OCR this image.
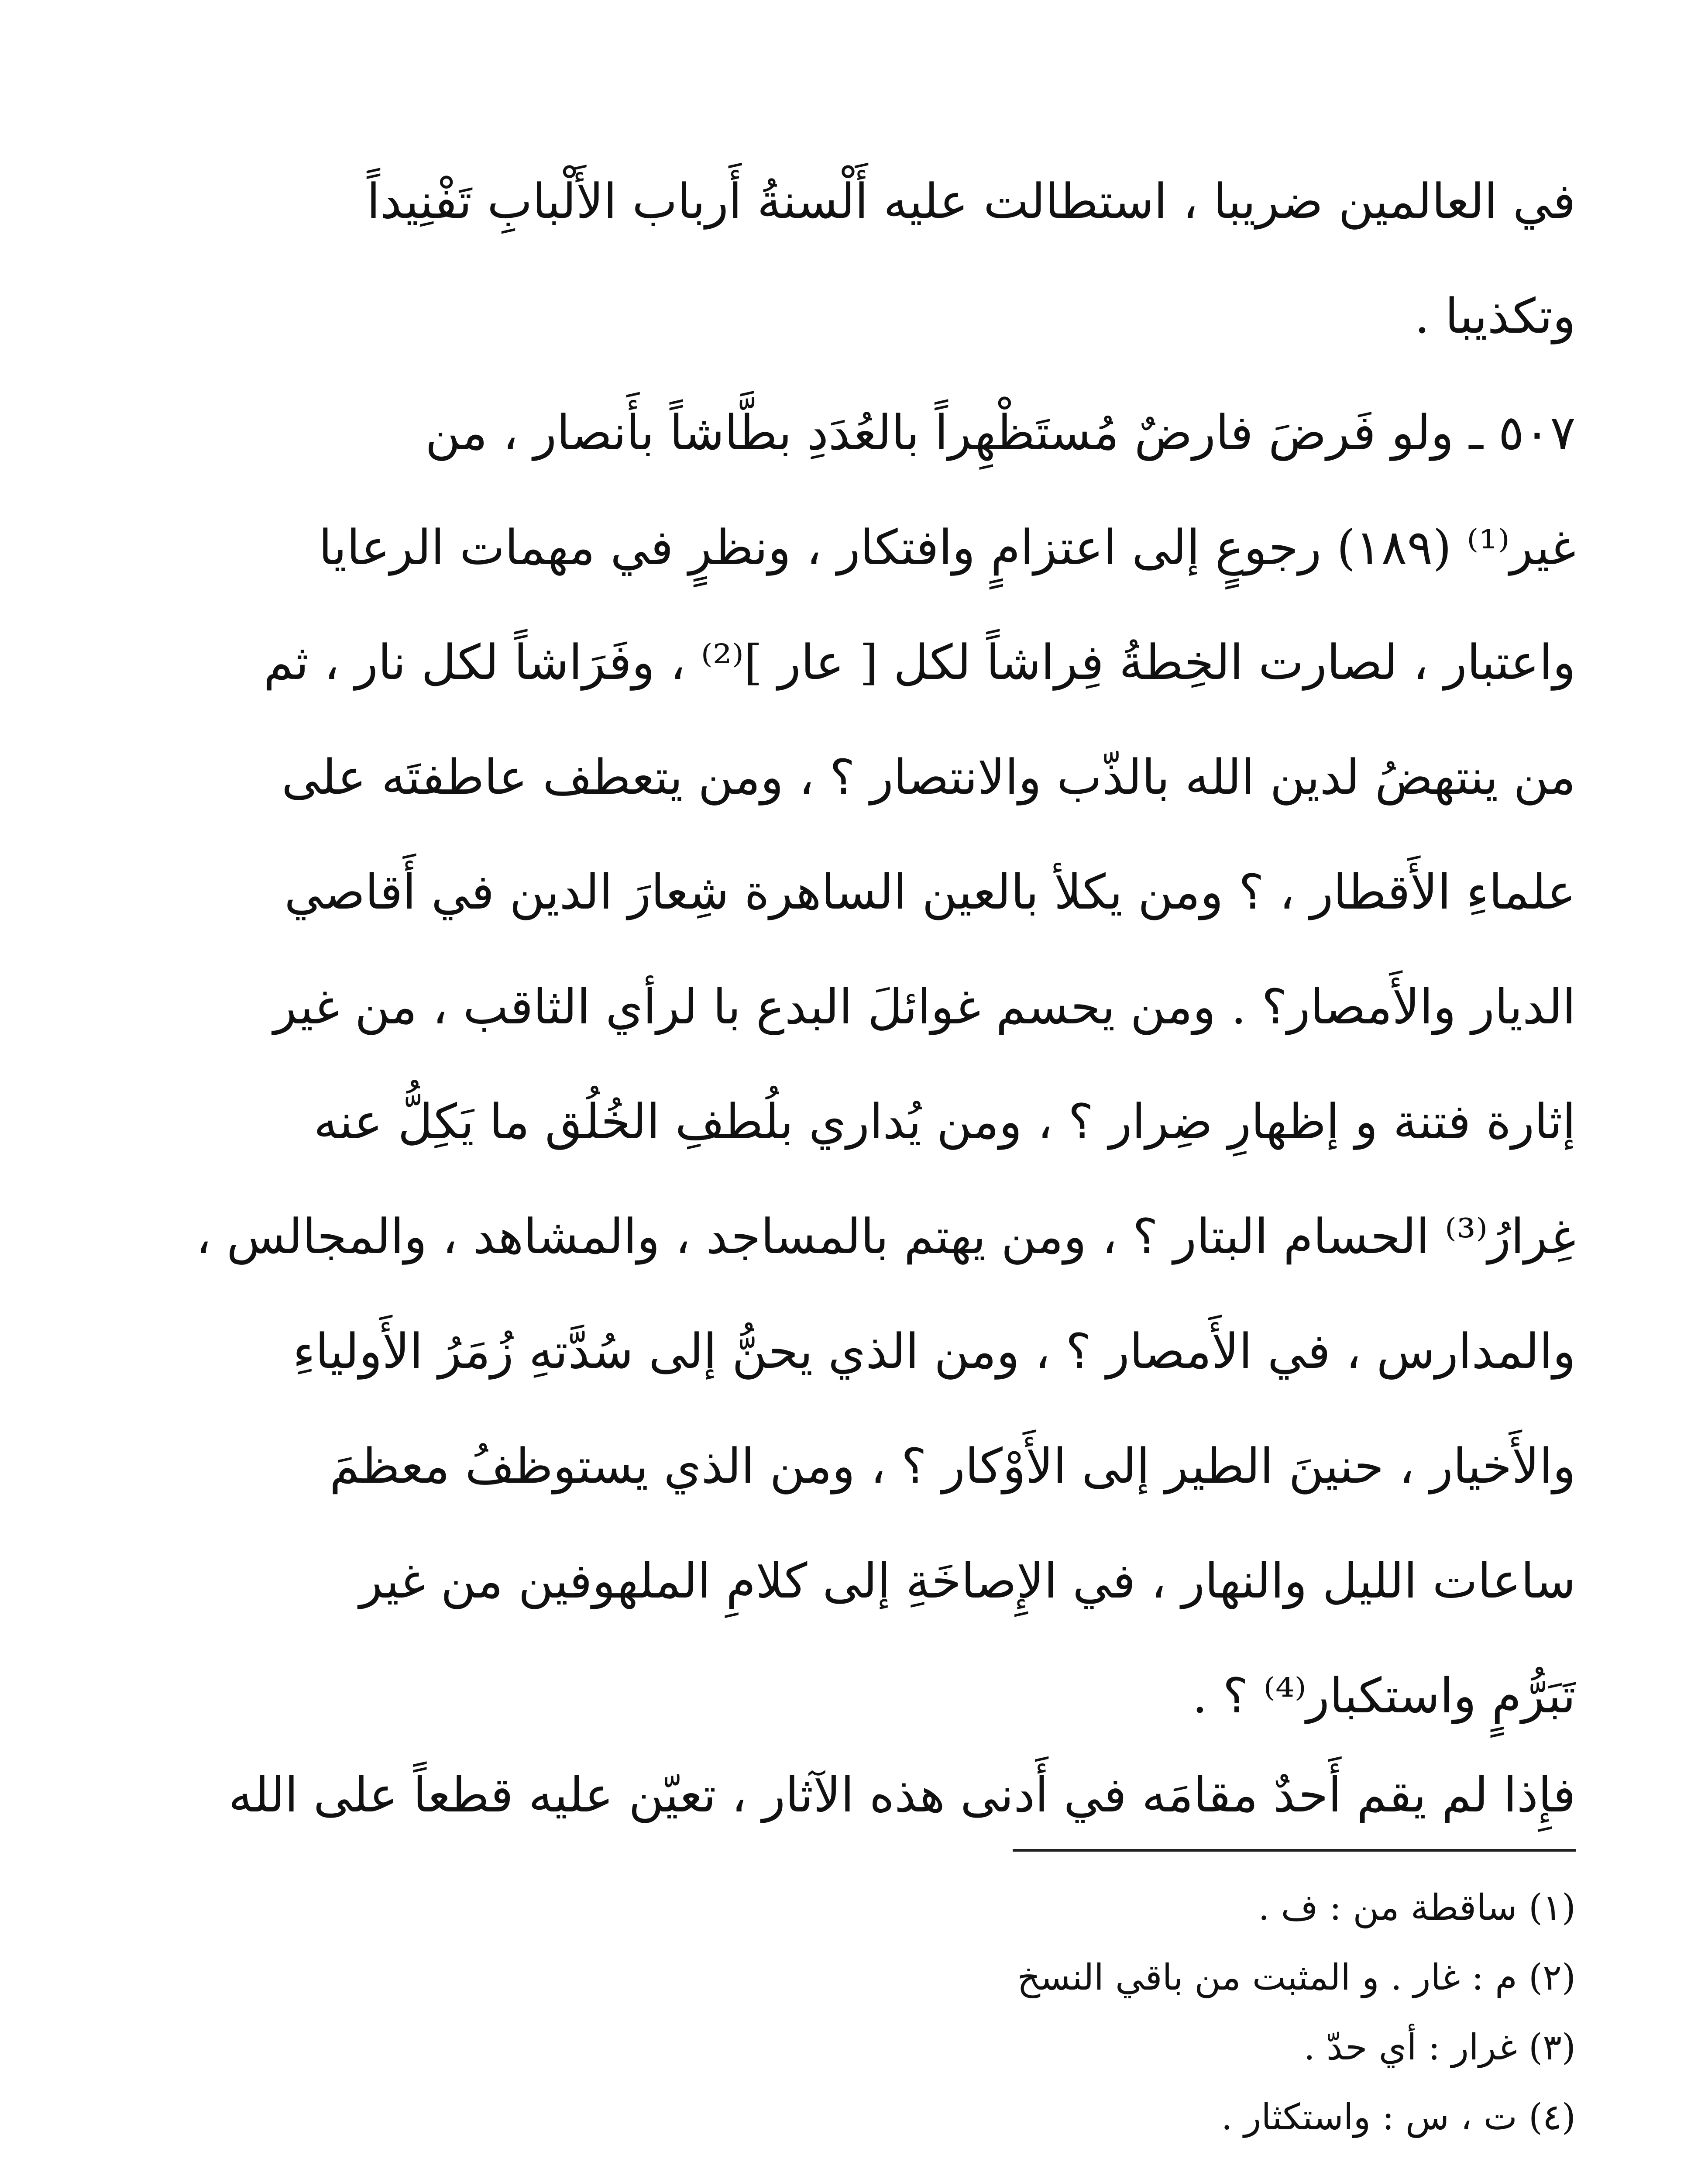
في العالمين ضريبا ، استطالت عليه أَلْسنةُ أَرباب الأَلْبابِ تَفْنِيداً
وتكذيبا .
٥٠٧ ـ ولو فَرضَ فارضٌ مُستَظْهِراً بالعُدَدِ بطَّاشاً بأَنصار ، من
غير⁽¹⁾ (١٨٩) رجوعٍ إلى اعتزامٍ وافتكار ، ونظرٍ في مهمات الرعايا
واعتبار ، لصارت الخِطةُ فِراشاً لكل [ عار ]⁽²⁾ ، وفَرَاشاً لكل نار ، ثم
من ينتهضُ لدين الله بالذّب والانتصار ؟ ، ومن يتعطف عاطفتَه على
علماءِ الأَقطار ، ؟ ومن يكلأ بالعين الساهرة شِعارَ الدين في أَقاصي
الديار والأَمصار؟ . ومن يحسم غوائلَ البدع با لرأي الثاقب ، من غير
إثارة فتنة و إظهارِ ضِرار ؟ ، ومن يُداري بلُطفِ الخُلُق ما يَكِلُّ عنه
غِرارُ⁽³⁾ الحسام البتار ؟ ، ومن يهتم بالمساجد ، والمشاهد ، والمجالس ،
والمدارس ، في الأَمصار ؟ ، ومن الذي يحنُّ إلى سُدَّتهِ زُمَرُ الأَولياءِ
والأَخيار ، حنينَ الطير إلى الأَوْكار ؟ ، ومن الذي يستوظفُ معظمَ
ساعات الليل والنهار ، في الإِصاخَةِ إلى كلامِ الملهوفين من غير
تَبَرُّمٍ واستكبار⁽⁴⁾ ؟ .
فإِذا لم يقم أَحدٌ مقامَه في أَدنى هذه الآثار ، تعيّن عليه قطعاً على الله
(١) ساقطة من : ف .
(٢) م : غار . و المثبت من باقي النسخ
(٣) غرار : أي حدّ .
(٤) ت ، س : واستكثار .
